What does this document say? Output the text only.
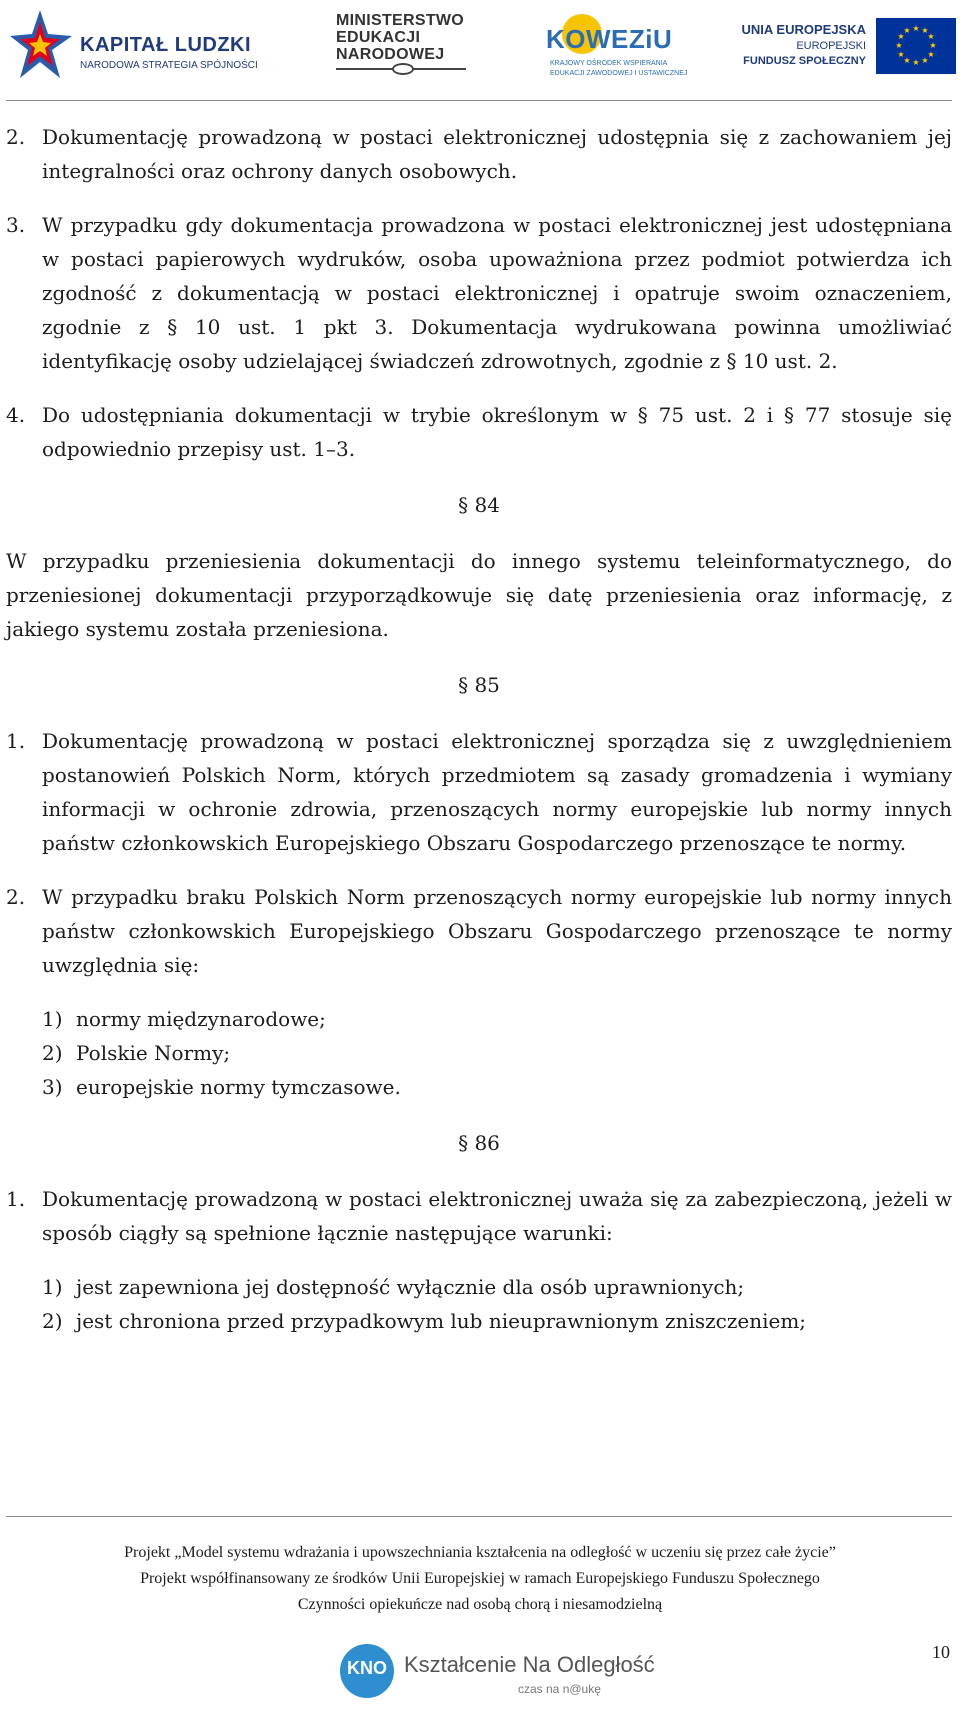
KAPITAŁ LUDZKI
NARODOWA STRATEGIA SPÓJNOŚCI
MINISTERSTWO
EDUKACJI
NARODOWEJ
KOWEZiU
KRAJOWY OŚRODEK WSPIERANIA
EDUKACJI ZAWODOWEJ I USTAWICZNEJ
UNIA EUROPEJSKA
EUROPEJSKI
FUNDUSZ SPOŁECZNY
★ ★
★
★
★
★
★
★
★
★
★
★
2. Dokumentację prowadzoną w postaci elektronicznej udostępnia się z zachowaniem jej integralności oraz ochrony danych osobowych.
3. W przypadku gdy dokumentacja prowadzona w postaci elektronicznej jest udostępniana w postaci papierowych wydruków, osoba upoważniona przez podmiot potwierdza ich zgodność z dokumentacją w postaci elektronicznej i opatruje swoim oznaczeniem, zgodnie z § 10 ust. 1 pkt 3. Dokumentacja wydrukowana powinna umożliwiać identyfikację osoby udzielającej świadczeń zdrowotnych, zgodnie z § 10 ust. 2.
4. Do udostępniania dokumentacji w trybie określonym w § 75 ust. 2 i § 77 stosuje się odpowiednio przepisy ust. 1–3.

§ 84

W przypadku przeniesienia dokumentacji do innego systemu teleinformatycznego, do przeniesionej dokumentacji przyporządkowuje się datę przeniesienia oraz informację, z jakiego systemu została przeniesiona.

§ 85

1. Dokumentację prowadzoną w postaci elektronicznej sporządza się z uwzględnieniem postanowień Polskich Norm, których przedmiotem są zasady gromadzenia i wymiany informacji w ochronie zdrowia, przenoszących normy europejskie lub normy innych państw członkowskich Europejskiego Obszaru Gospodarczego przenoszące te normy.
2. W przypadku braku Polskich Norm przenoszących normy europejskie lub normy innych państw członkowskich Europejskiego Obszaru Gospodarczego przenoszące te normy uwzględnia się:
1) normy międzynarodowe;
2) Polskie Normy;
3) europejskie normy tymczasowe.

§ 86

1. Dokumentację prowadzoną w postaci elektronicznej uważa się za zabezpieczoną, jeżeli w sposób ciągły są spełnione łącznie następujące warunki:
1) jest zapewniona jej dostępność wyłącznie dla osób uprawnionych;
2) jest chroniona przed przypadkowym lub nieuprawnionym zniszczeniem;
Projekt „Model systemu wdrażania i upowszechniania kształcenia na odległość w uczeniu się przez całe życie”
Projekt współfinansowany ze środków Unii Europejskiej w ramach Europejskiego Funduszu Społecznego
Czynności opiekuńcze nad osobą chorą i niesamodzielną
10
KNO Kształcenie Na Odległość
czas na n@ukę
